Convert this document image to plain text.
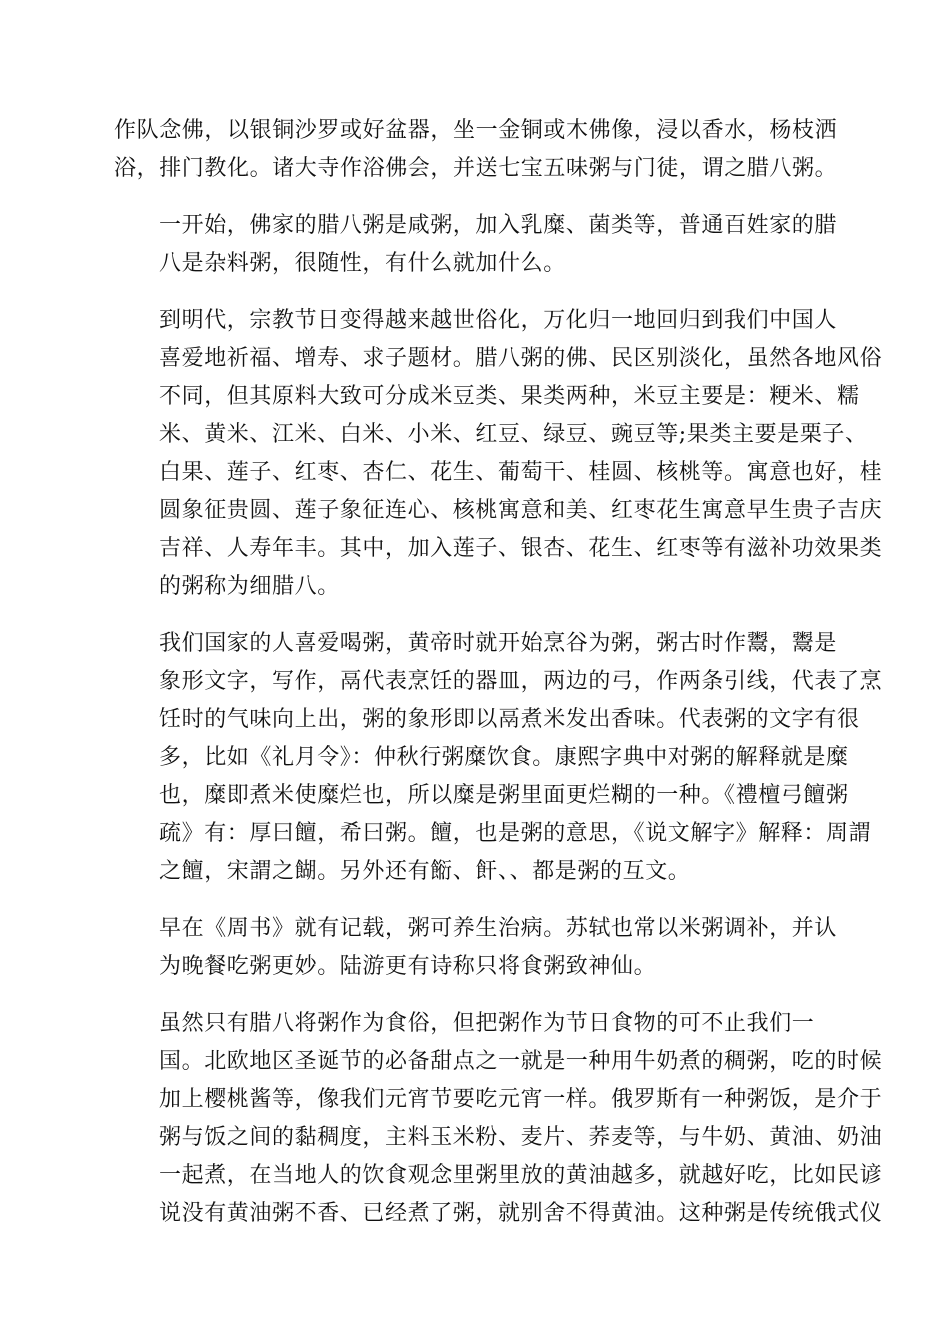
作队念佛，以银铜沙罗或好盆器，坐一金铜或木佛像，浸以香水，杨枝洒
浴，排门教化。诸大寺作浴佛会，并送七宝五味粥与门徒，谓之腊八粥。

一开始，佛家的腊八粥是咸粥，加入乳糜、菌类等，普通百姓家的腊
八是杂料粥，很随性，有什么就加什么。

到明代，宗教节日变得越来越世俗化，万化归一地回归到我们中国人
喜爱地祈福、增寿、求子题材。腊八粥的佛、民区别淡化，虽然各地风俗
不同，但其原料大致可分成米豆类、果类两种，米豆主要是：粳米、糯
米、黄米、江米、白米、小米、红豆、绿豆、豌豆等;果类主要是栗子、
白果、莲子、红枣、杏仁、花生、葡萄干、桂圆、核桃等。寓意也好，桂
圆象征贵圆、莲子象征连心、核桃寓意和美、红枣花生寓意早生贵子吉庆
吉祥、人寿年丰。其中，加入莲子、银杏、花生、红枣等有滋补功效果类
的粥称为细腊八。

我们国家的人喜爱喝粥，黄帝时就开始烹谷为粥，粥古时作鬻，鬻是
象形文字，写作，鬲代表烹饪的器皿，两边的弓，作两条引线，代表了烹
饪时的气味向上出，粥的象形即以鬲煮米发出香味。代表粥的文字有很
多，比如《礼月令》：仲秋行粥糜饮食。康熙字典中对粥的解释就是糜
也，糜即煮米使糜烂也，所以糜是粥里面更烂糊的一种。《禮檀弓饘粥
疏》有：厚曰饘，希曰粥。饘，也是粥的意思，《说文解字》解释：周謂
之饘，宋謂之餬。另外还有餰、飦、、都是粥的互文。

早在《周书》就有记载，粥可养生治病。苏轼也常以米粥调补，并认
为晚餐吃粥更妙。陆游更有诗称只将食粥致神仙。

虽然只有腊八将粥作为食俗，但把粥作为节日食物的可不止我们一
国。北欧地区圣诞节的必备甜点之一就是一种用牛奶煮的稠粥，吃的时候
加上樱桃酱等，像我们元宵节要吃元宵一样。俄罗斯有一种粥饭，是介于
粥与饭之间的黏稠度，主料玉米粉、麦片、荞麦等，与牛奶、黄油、奶油
一起煮，在当地人的饮食观念里粥里放的黄油越多，就越好吃，比如民谚
说没有黄油粥不香、已经煮了粥，就别舍不得黄油。这种粥是传统俄式仪
